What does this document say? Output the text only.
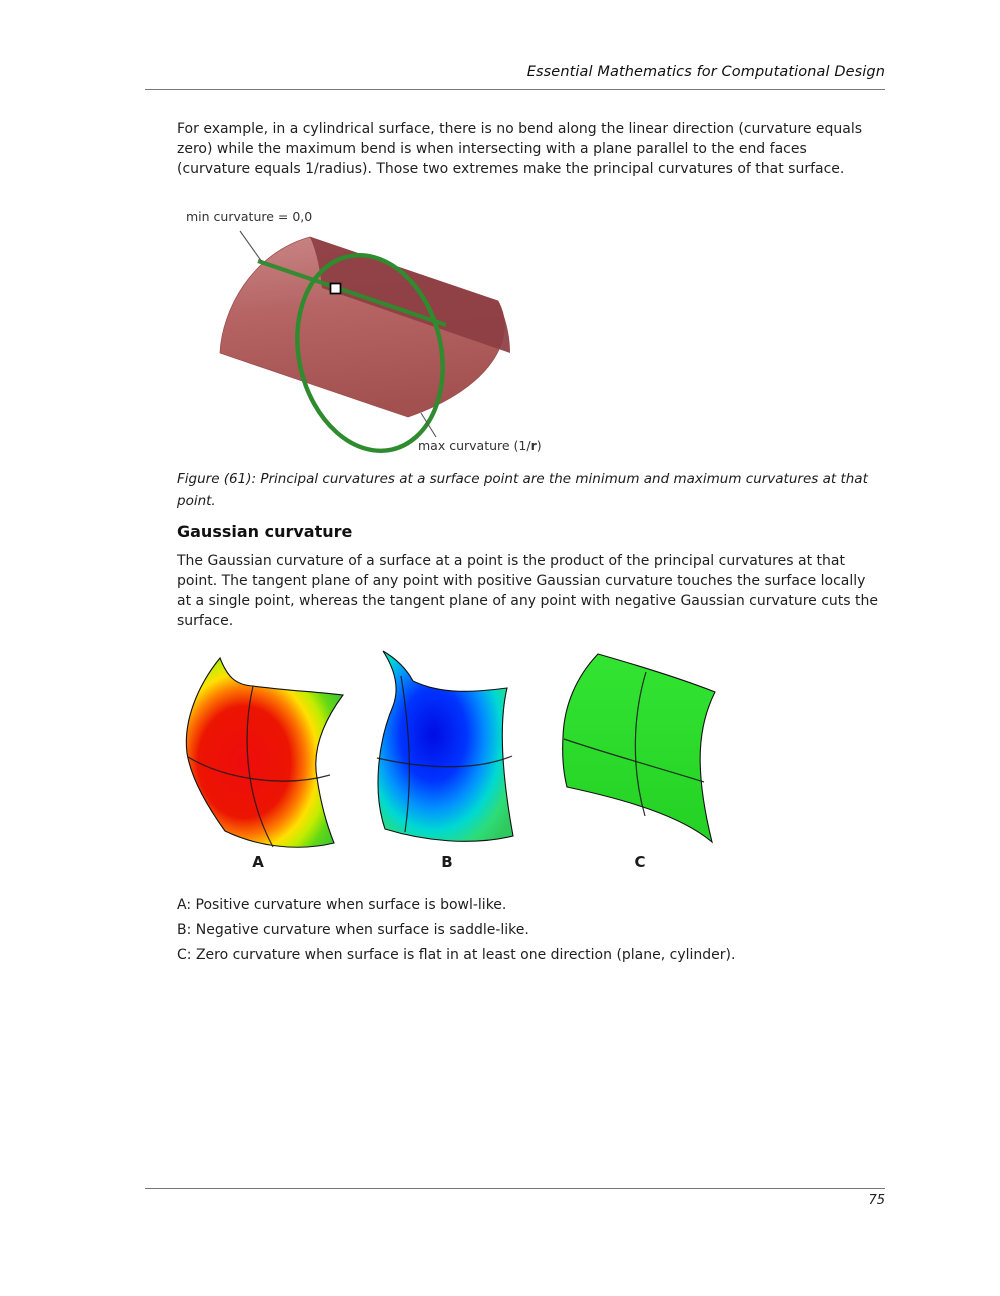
Essential Mathematics for Computational Design
For example, in a cylindrical surface, there is no bend along the linear direction (curvature equals zero) while the maximum bend is when intersecting with a plane parallel to the end faces (curvature equals 1/radius). Those two extremes make the principal curvatures of that surface.
min curvature = 0,0
max curvature (1/r)
Figure (61): Principal curvatures at a surface point are the minimum and maximum curvatures at that point.
Gaussian curvature
The Gaussian curvature of a surface at a point is the product of the principal curvatures at that point. The tangent plane of any point with positive Gaussian curvature touches the surface locally at a single point, whereas the tangent plane of any point with negative Gaussian curvature cuts the surface.
A	B	C
A: Positive curvature when surface is bowl-like.
B: Negative curvature when surface is saddle-like.
C: Zero curvature when surface is flat in at least one direction (plane, cylinder).
75
